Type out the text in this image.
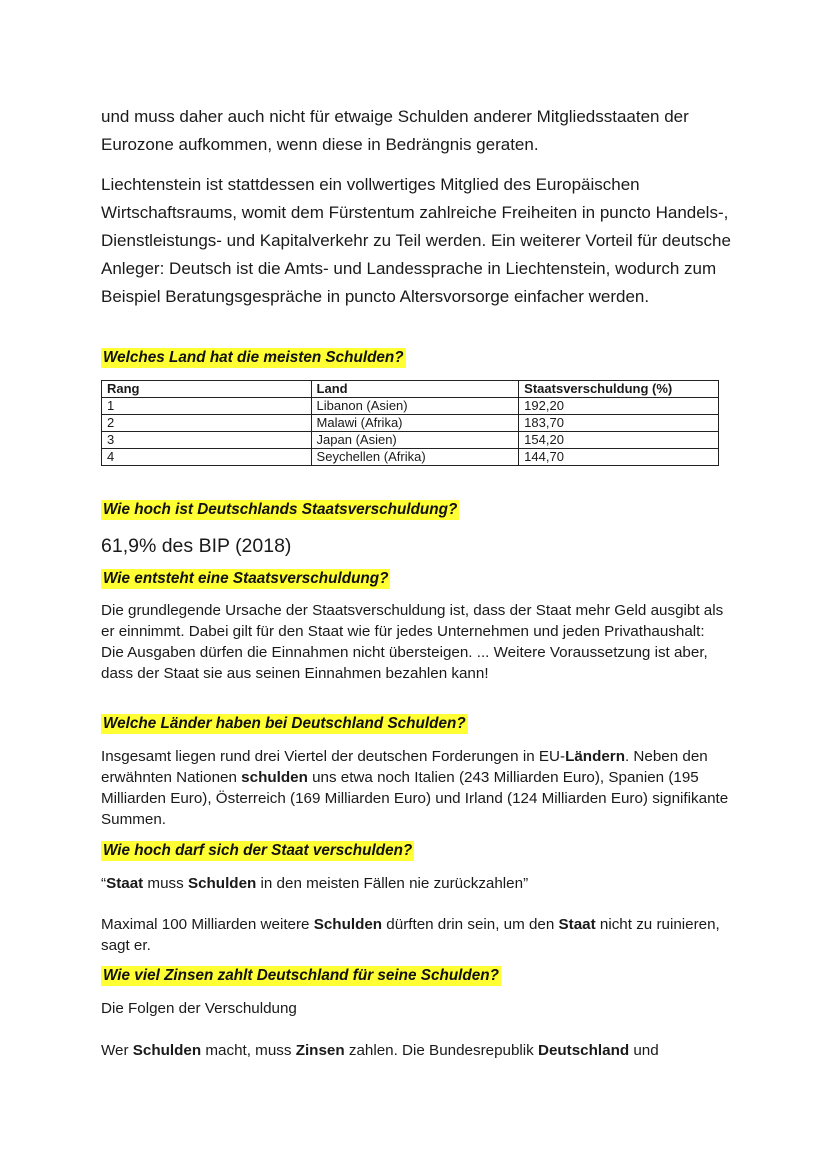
und muss daher auch nicht für etwaige Schulden anderer Mitgliedsstaaten der Eurozone aufkommen, wenn diese in Bedrängnis geraten.

Liechtenstein ist stattdessen ein vollwertiges Mitglied des Europäischen Wirtschaftsraums, womit dem Fürstentum zahlreiche Freiheiten in puncto Handels-, Dienstleistungs- und Kapitalverkehr zu Teil werden. Ein weiterer Vorteil für deutsche Anleger: Deutsch ist die Amts- und Landessprache in Liechtenstein, wodurch zum Beispiel Beratungsgespräche in puncto Altersvorsorge einfacher werden.

Welches Land hat die meisten Schulden?
Rang	Land	Staatsverschuldung (%)
1	Libanon (Asien)	192,20
2	Malawi (Afrika)	183,70
3	Japan (Asien)	154,20
4	Seychellen (Afrika)	144,70
Wie hoch ist Deutschlands Staatsverschuldung?

61,9% des BIP (2018)

Wie entsteht eine Staatsverschuldung?

Die grundlegende Ursache der Staatsverschuldung ist, dass der Staat mehr Geld ausgibt als er einnimmt. Dabei gilt für den Staat wie für jedes Unternehmen und jeden Privathaushalt: Die Ausgaben dürfen die Einnahmen nicht übersteigen. ... Weitere Voraussetzung ist aber, dass der Staat sie aus seinen Einnahmen bezahlen kann!

Welche Länder haben bei Deutschland Schulden?

Insgesamt liegen rund drei Viertel der deutschen Forderungen in EU-Ländern. Neben den erwähnten Nationen schulden uns etwa noch Italien (243 Milliarden Euro), Spanien (195 Milliarden Euro), Österreich (169 Milliarden Euro) und Irland (124 Milliarden Euro) signifikante Summen.

Wie hoch darf sich der Staat verschulden?

“Staat muss Schulden in den meisten Fällen nie zurückzahlen”

Maximal 100 Milliarden weitere Schulden dürften drin sein, um den Staat nicht zu ruinieren, sagt er.

Wie viel Zinsen zahlt Deutschland für seine Schulden?

Die Folgen der Verschuldung

Wer Schulden macht, muss Zinsen zahlen. Die Bundesrepublik Deutschland und
